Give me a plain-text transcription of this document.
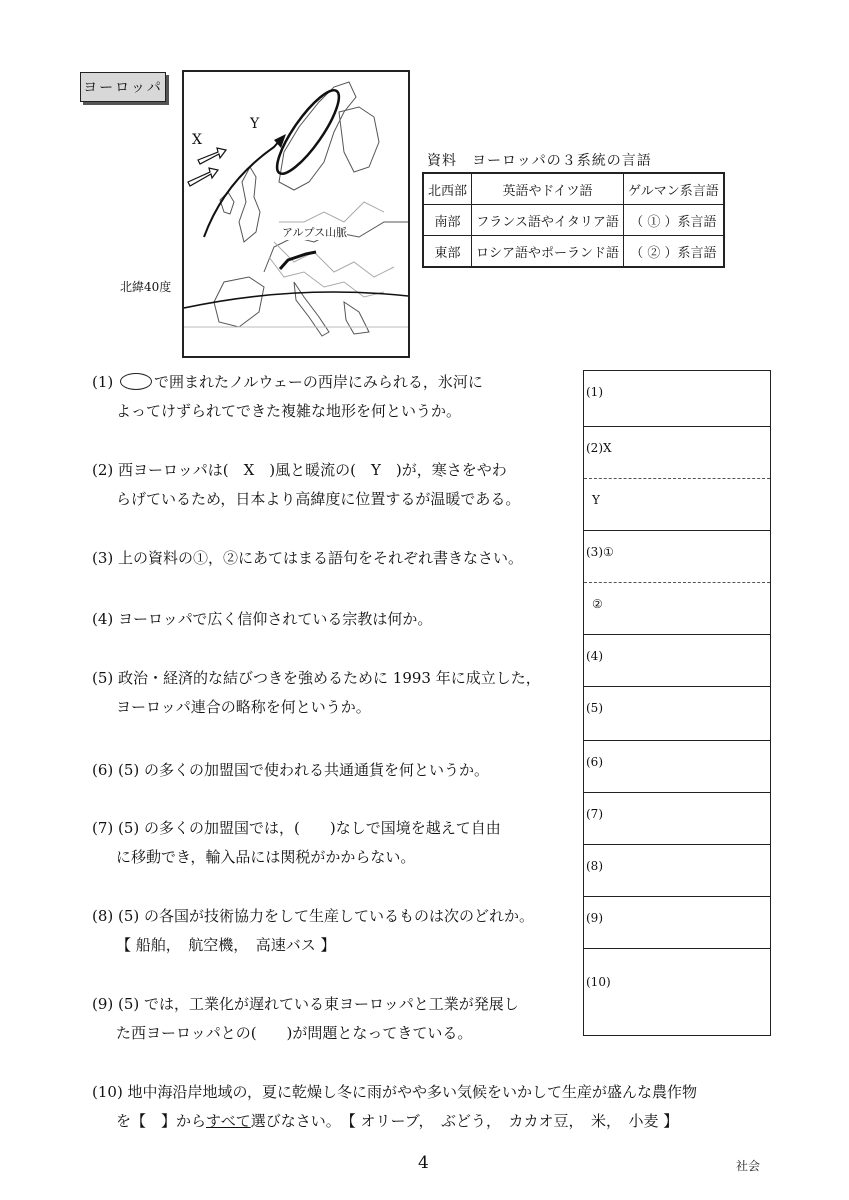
ヨーロッパ
X
Y
アルプス山脈
北緯40度
資料　ヨーロッパの３系統の言語
北西部	英語やドイツ語	ゲルマン系言語
南部	フランス語やイタリア語	（ ① ）系言語
東部	ロシア語やポーランド語	（ ② ）系言語
(1)	で囲まれたノルウェーの西岸にみられる，氷河に
よってけずられてできた複雑な地形を何というか。
(2) 西ヨーロッパは(　X　)風と暖流の(　Y　)が，寒さをやわ
らげているため，日本より高緯度に位置するが温暖である。
(3) 上の資料の①，②にあてはまる語句をそれぞれ書きなさい。
(4) ヨーロッパで広く信仰されている宗教は何か。
(5) 政治・経済的な結びつきを強めるために 1993 年に成立した，
ヨーロッパ連合の略称を何というか。
(6) (5) の多くの加盟国で使われる共通通貨を何というか。
(7) (5) の多くの加盟国では，(　　)なしで国境を越えて自由
に移動でき，輸入品には関税がかからない。
(8) (5) の各国が技術協力をして生産しているものは次のどれか。
【 船舶，　航空機，　高速バス 】
(9) (5) では，工業化が遅れている東ヨーロッパと工業が発展し
た西ヨーロッパとの(　　)が問題となってきている。
(10) 地中海沿岸地域の，夏に乾燥し冬に雨がやや多い気候をいかして生産が盛んな農作物
を【　】からすべて選びなさい。　【 オリーブ，　ぶどう，　カカオ豆，　米，　小麦 】
(1)
(2)X
Y
(3)①
②
(4)
(5)
(6)
(7)
(8)
(9)
(10)
4	社会
